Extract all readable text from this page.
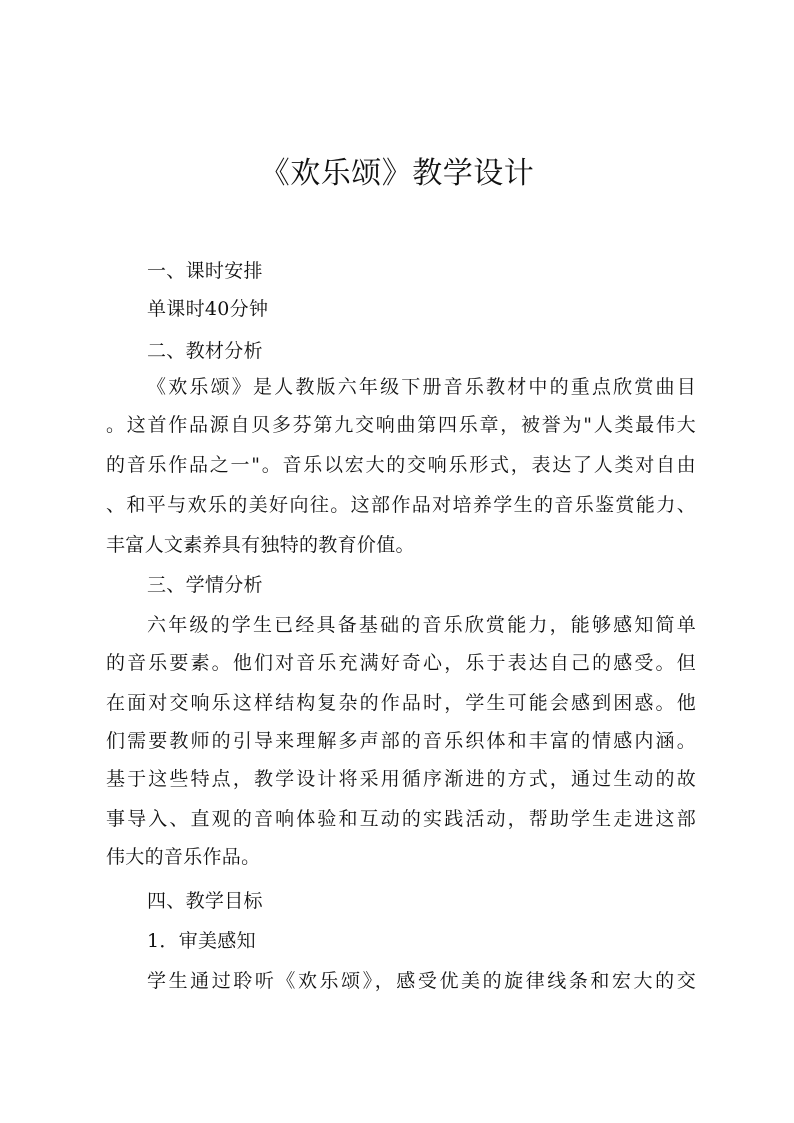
《欢乐颂》教学设计
一、课时安排
单课时40分钟
二、教材分析
《欢乐颂》是人教版六年级下册音乐教材中的重点欣赏曲目
。这首作品源自贝多芬第九交响曲第四乐章，被誉为"人类最伟大
的音乐作品之一"。音乐以宏大的交响乐形式，表达了人类对自由
、和平与欢乐的美好向往。这部作品对培养学生的音乐鉴赏能力、
丰富人文素养具有独特的教育价值。
三、学情分析
六年级的学生已经具备基础的音乐欣赏能力，能够感知简单
的音乐要素。他们对音乐充满好奇心，乐于表达自己的感受。但
在面对交响乐这样结构复杂的作品时，学生可能会感到困惑。他
们需要教师的引导来理解多声部的音乐织体和丰富的情感内涵。
基于这些特点，教学设计将采用循序渐进的方式，通过生动的故
事导入、直观的音响体验和互动的实践活动，帮助学生走进这部
伟大的音乐作品。
四、教学目标
1．审美感知
学生通过聆听《欢乐颂》，感受优美的旋律线条和宏大的交
